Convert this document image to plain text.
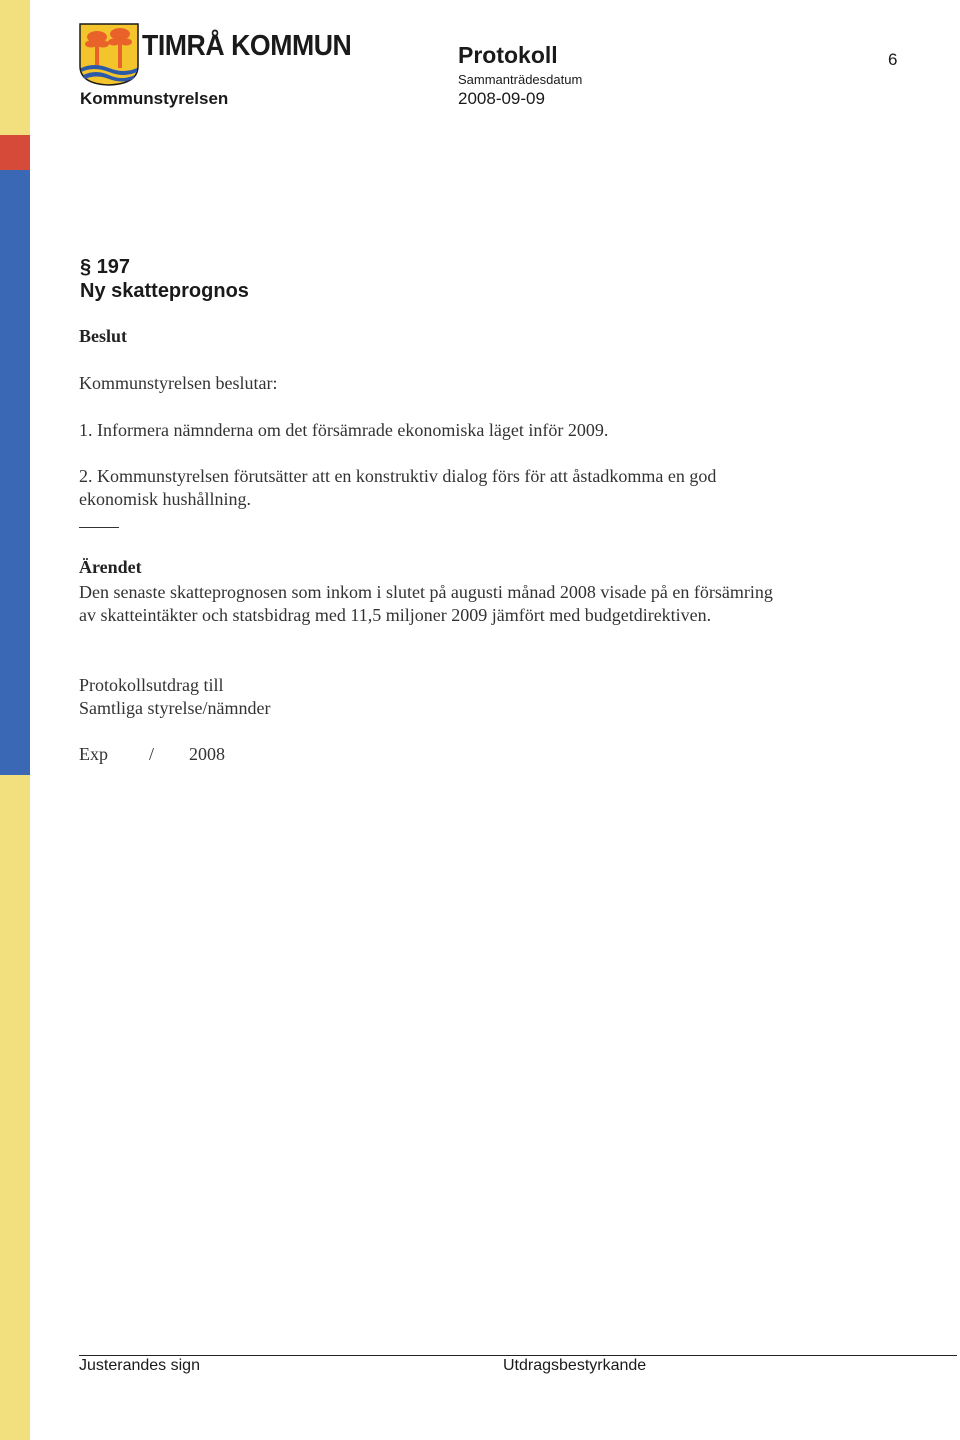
TIMRÅ KOMMUN
Kommunstyrelsen
Protokoll
Sammanträdesdatum
2008-09-09
6
§ 197
Ny skatteprognos
Beslut
Kommunstyrelsen beslutar:
1. Informera nämnderna om det försämrade ekonomiska läget inför 2009.
2. Kommunstyrelsen förutsätter att en konstruktiv dialog förs för att åstadkomma en god ekonomisk hushållning.
Ärendet
Den senaste skatteprognosen som inkom i slutet på augusti månad 2008 visade på en försämring av skatteintäkter och statsbidrag med 11,5 miljoner 2009 jämfört med budgetdirektiven.
Protokollsutdrag till
Samtliga styrelse/nämnder
Exp / 2008
Justerandes sign	Utdragsbestyrkande
